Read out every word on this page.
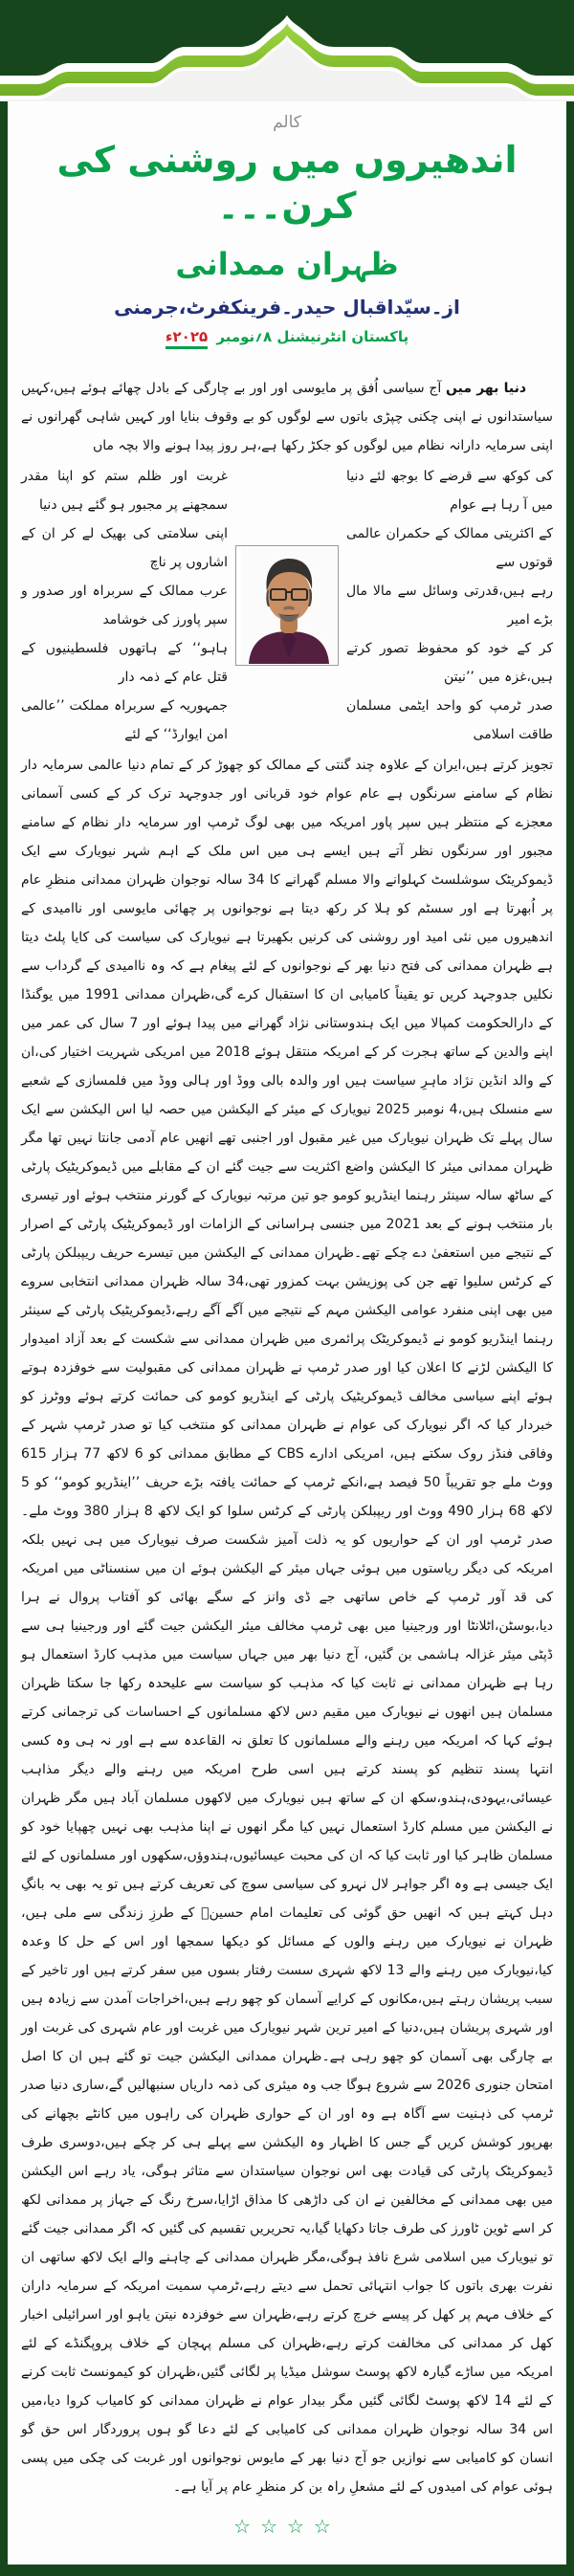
کالم
اندھیروں میں روشنی کی کرن۔۔۔
ظہران ممدانی
از۔سیّداقبال حیدر۔فرینکفرٹ،جرمنی
پاکستان انٹرنیشنل ۸؍نومبر ۲۰۲۵ء

دنیا بھر میں آج سیاسی اُفق پر مایوسی اور اور بے چارگی کے بادل چھائے ہوئے ہیں،کہیں سیاستدانوں نے اپنی چکنی چپڑی باتوں سے لوگوں کو بے وقوف بنایا اور کہیں شاہی گھرانوں نے اپنی سرمایہ دارانہ نظام میں لوگوں کو جکڑ رکھا ہے،ہر روز پیدا ہونے والا بچہ ماں

کی کوکھ سے قرضے کا بوجھ لئے دنیا میں آ رہا ہے عوام
کے اکثریتی ممالک کے حکمران عالمی قوتوں سے
رہے ہیں،قدرتی وسائل سے مالا مال بڑے امیر
کر کے خود کو محفوظ تصور کرتے ہیں،غزہ میں ’’نیتن
صدر ٹرمپ کو واحد ایٹمی مسلمان طاقت اسلامی
غربت اور ظلم ستم کو اپنا مقدر سمجھنے پر مجبور ہو گئے ہیں دنیا
اپنی سلامتی کی بھیک لے کر ان کے اشاروں پر ناچ
عرب ممالک کے سربراہ اور صدور و سپر پاورز کی خوشامد
ہاہو‘‘ کے ہاتھوں فلسطینیوں کے قتل عام کے ذمہ دار
جمہوریہ کے سربراہ مملکت ’’عالمی امن ایوارڈ‘‘ کے لئے

تجویز کرتے ہیں،ایران کے علاوہ چند گنتی کے ممالک کو چھوڑ کر کے تمام دنیا عالمی سرمایہ دار نظام کے سامنے سرنگوں ہے عام عوام خود قربانی اور جدوجہد ترک کر کے کسی آسمانی معجزے کے منتظر ہیں سپر پاور امریکہ میں بھی لوگ ٹرمپ اور سرمایہ دار نظام کے سامنے مجبور اور سرنگوں نظر آتے ہیں ایسے ہی میں اس ملک کے اہم شہر نیویارک سے ایک ڈیموکریٹک سوشلسٹ کہلوانے والا مسلم گھرانے کا 34 سالہ نوجوان ظہران ممدانی منظرِ عام پر اُبھرتا ہے اور سسٹم کو ہلا کر رکھ دیتا ہے نوجوانوں پر چھائی مایوسی اور ناامیدی کے اندھیروں میں نئی امید اور روشنی کی کرنیں بکھیرتا ہے نیویارک کی سیاست کی کایا پلٹ دیتا ہے ظہران ممدانی کی فتح دنیا بھر کے نوجوانوں کے لئے پیغام ہے کہ وہ ناامیدی کے گرداب سے نکلیں جدوجہد کریں تو یقیناً کامیابی ان کا استقبال کرے گی،ظہران ممدانی 1991 میں یوگنڈا کے دارالحکومت کمپالا میں ایک ہندوستانی نژاد گھرانے میں پیدا ہوئے اور 7 سال کی عمر میں اپنے والدین کے ساتھ ہجرت کر کے امریکہ منتقل ہوئے 2018 میں امریکی شہریت اختیار کی،ان کے والد انڈین نژاد ماہرِ سیاست ہیں اور والدہ بالی ووڈ اور ہالی ووڈ میں فلمسازی کے شعبے سے منسلک ہیں،4 نومبر 2025 نیویارک کے میئر کے الیکشن میں حصہ لیا اس الیکشن سے ایک سال پہلے تک ظہران نیویارک میں غیر مقبول اور اجنبی تھے انھیں عام آدمی جانتا نہیں تھا مگر ظہران ممدانی میئر کا الیکشن واضع اکثریت سے جیت گئے ان کے مقابلے میں ڈیموکریٹیک پارٹی کے ساٹھ سالہ سینئر رہنما اینڈریو کومو جو تین مرتبہ نیویارک کے گورنر منتخب ہوئے اور تیسری بار منتخب ہونے کے بعد 2021 میں جنسی ہراسانی کے الزامات اور ڈیموکریٹیک پارٹی کے اصرار کے نتیجے میں استعفیٰ دے چکے تھے۔ظہران ممدانی کے الیکشن میں تیسرے حریف ریپبلکن پارٹی کے کرٹس سلیوا تھے جن کی پوزیشن بہت کمزور تھی،34 سالہ ظہران ممدانی انتخابی سروے میں بھی اپنی منفرد عوامی الیکشن مہم کے نتیجے میں آگے آگے رہے،ڈیموکریٹیک پارٹی کے سینئر رہنما اینڈریو کومو نے ڈیموکریٹک پرائمری میں ظہران ممدانی سے شکست کے بعد آزاد امیدوار کا الیکشن لڑنے کا اعلان کیا اور صدر ٹرمپ نے ظہران ممدانی کی مقبولیت سے خوفزدہ ہوتے ہوئے اپنے سیاسی مخالف ڈیموکریٹیک پارٹی کے اینڈریو کومو کی حمائت کرتے ہوئے ووٹرز کو خبردار کیا کہ اگر نیویارک کی عوام نے ظہران ممدانی کو منتخب کیا تو صدر ٹرمپ شہر کے وفاقی فنڈز روک سکتے ہیں، امریکی ادارے CBS کے مطابق ممدانی کو 6 لاکھ 77 ہزار 615 ووٹ ملے جو تقریباً 50 فیصد ہے،انکے ٹرمپ کے حمائت یافتہ بڑے حریف ’’اینڈریو کومو‘‘ کو 5 لاکھ 68 ہزار 490 ووٹ اور ریپبلکن پارٹی کے کرٹس سلوا کو ایک لاکھ 8 ہزار 380 ووٹ ملے۔صدر ٹرمپ اور ان کے حواریوں کو یہ ذلت آمیز شکست صرف نیویارک میں ہی نہیں بلکہ امریکہ کی دیگر ریاستوں میں ہوئی جہاں میئر کے الیکشن ہوئے ان میں سنسناٹی میں امریکہ کی قد آور ٹرمپ کے خاص ساتھی جے ڈی وانز کے سگے بھائی کو آفتاب پروال نے ہرا دیا،بوسٹن،اٹلانٹا اور ورجینیا میں بھی ٹرمپ مخالف میئر الیکشن جیت گئے اور ورجینیا ہی سے ڈپٹی میئر غزالہ ہاشمی بن گئیں، آج دنیا بھر میں جہاں سیاست میں مذہب کارڈ استعمال ہو رہا ہے ظہران ممدانی نے ثابت کیا کہ مذہب کو سیاست سے علیحدہ رکھا جا سکتا ظہران مسلمان ہیں انھوں نے نیویارک میں مقیم دس لاکھ مسلمانوں کے احساسات کی ترجمانی کرتے ہوئے کہا کہ امریکہ میں رہنے والے مسلمانوں کا تعلق نہ القاعدہ سے ہے اور نہ ہی وہ کسی انتہا پسند تنظیم کو پسند کرتے ہیں اسی طرح امریکہ میں رہنے والے دیگر مذاہب عیسائی،یہودی،ہندو،سکھ ان کے ساتھ ہیں نیویارک میں لاکھوں مسلمان آباد ہیں مگر ظہران نے الیکشن میں مسلم کارڈ استعمال نہیں کیا مگر انھوں نے اپنا مذہب بھی نہیں چھپایا خود کو مسلمان ظاہر کیا اور ثابت کیا کہ ان کی محبت عیسائیوں،ہندوؤں،سکھوں اور مسلمانوں کے لئے ایک جیسی ہے وہ اگر جواہر لال نہرو کی سیاسی سوچ کی تعریف کرتے ہیں تو یہ بھی بہ بانگِ دہل کہتے ہیں کہ انھیں حق گوئی کی تعلیمات امام حسینؑ کے طرزِ زندگی سے ملی ہیں، ظہران نے نیویارک میں رہنے والوں کے مسائل کو دیکھا سمجھا اور اس کے حل کا وعدہ کیا،نیویارک میں رہنے والے 13 لاکھ شہری سست رفتار بسوں میں سفر کرتے ہیں اور تاخیر کے سبب پریشان رہتے ہیں،مکانوں کے کرایے آسمان کو چھو رہے ہیں،اخراجات آمدن سے زیادہ ہیں اور شہری پریشان ہیں،دنیا کے امیر ترین شہر نیویارک میں غربت اور عام شہری کی غربت اور بے چارگی بھی آسمان کو چھو رہی ہے۔ظہران ممدانی الیکشن جیت تو گئے ہیں ان کا اصل امتحان جنوری 2026 سے شروع ہوگا جب وہ میئری کی ذمہ داریاں سنبھالیں گے،ساری دنیا صدر ٹرمپ کی ذہنیت سے آگاہ ہے وہ اور ان کے حواری ظہران کی راہوں میں کانٹے بچھانے کی بھرپور کوشش کریں گے جس کا اظہار وہ الیکشن سے پہلے ہی کر چکے ہیں،دوسری طرف ڈیموکریٹک پارٹی کی قیادت بھی اس نوجوان سیاستدان سے متاثر ہوگی، یاد رہے اس الیکشن میں بھی ممدانی کے مخالفین نے ان کی داڑھی کا مذاق اڑایا،سرخ رنگ کے جہاز پر ممدانی لکھ کر اسے ٹوین ٹاورز کی طرف جاتا دکھایا گیا،یہ تحریریں تقسیم کی گئیں کہ اگر ممدانی جیت گئے تو نیویارک میں اسلامی شرع نافذ ہوگی،مگر ظہران ممدانی کے چاہنے والے ایک لاکھ ساتھی ان نفرت بھری باتوں کا جواب انتہائی تحمل سے دیتے رہے،ٹرمپ سمیت امریکہ کے سرمایہ داران کے خلاف مہم پر کھل کر پیسے خرچ کرتے رہے،ظہران سے خوفزدہ نیتن یاہو اور اسرائیلی اخبار کھل کر ممدانی کی مخالفت کرتے رہے،ظہران کی مسلم پہچان کے خلاف پروپگنڈے کے لئے امریکہ میں ساڑے گیارہ لاکھ پوسٹ سوشل میڈیا پر لگائی گئیں،ظہران کو کیمونسٹ ثابت کرنے کے لئے 14 لاکھ پوسٹ لگائی گئیں مگر بیدار عوام نے ظہران ممدانی کو کامیاب کروا دیا،میں اس 34 سالہ نوجوان ظہران ممدانی کی کامیابی کے لئے دعا گو ہوں پروردگار اس حق گو انسان کو کامیابی سے نوازیں جو آج دنیا بھر کے مایوس نوجوانوں اور غربت کی چکی میں پسی ہوئی عوام کی امیدوں کے لئے مشعلِ راہ بن کر منظرِ عام پر آیا ہے۔

☆☆☆☆
